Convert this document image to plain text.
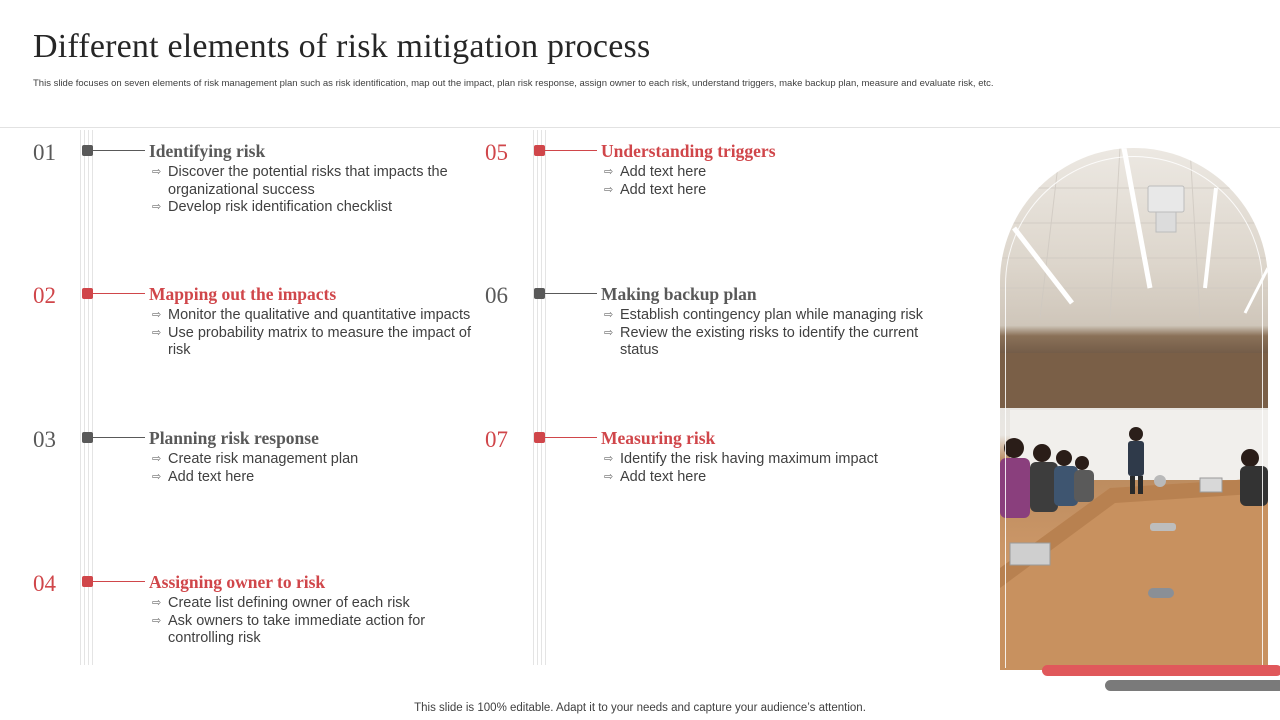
Different elements of risk mitigation process
This slide focuses on seven elements of risk management plan such as risk identification, map out the impact, plan risk response, assign owner to each risk, understand triggers, make backup plan, measure and evaluate risk, etc.
01	Identifying risk
⇨ Discover the potential risks that impacts the organizational success
⇨ Develop risk identification checklist
02	Mapping out the impacts
⇨ Monitor the qualitative and quantitative impacts
⇨ Use probability matrix to measure the impact of risk
03	Planning risk response
⇨ Create risk management plan
⇨ Add text here
04	Assigning owner to risk
⇨ Create list defining owner of each risk
⇨ Ask owners to take immediate action for controlling risk
05	Understanding triggers
⇨ Add text here
⇨ Add text here
06	Making backup plan
⇨ Establish contingency plan while managing risk
⇨ Review the existing risks to identify the current status
07	Measuring risk
⇨ Identify the risk having maximum impact
⇨ Add text here
This slide is 100% editable. Adapt it to your needs and capture your audience’s attention.
